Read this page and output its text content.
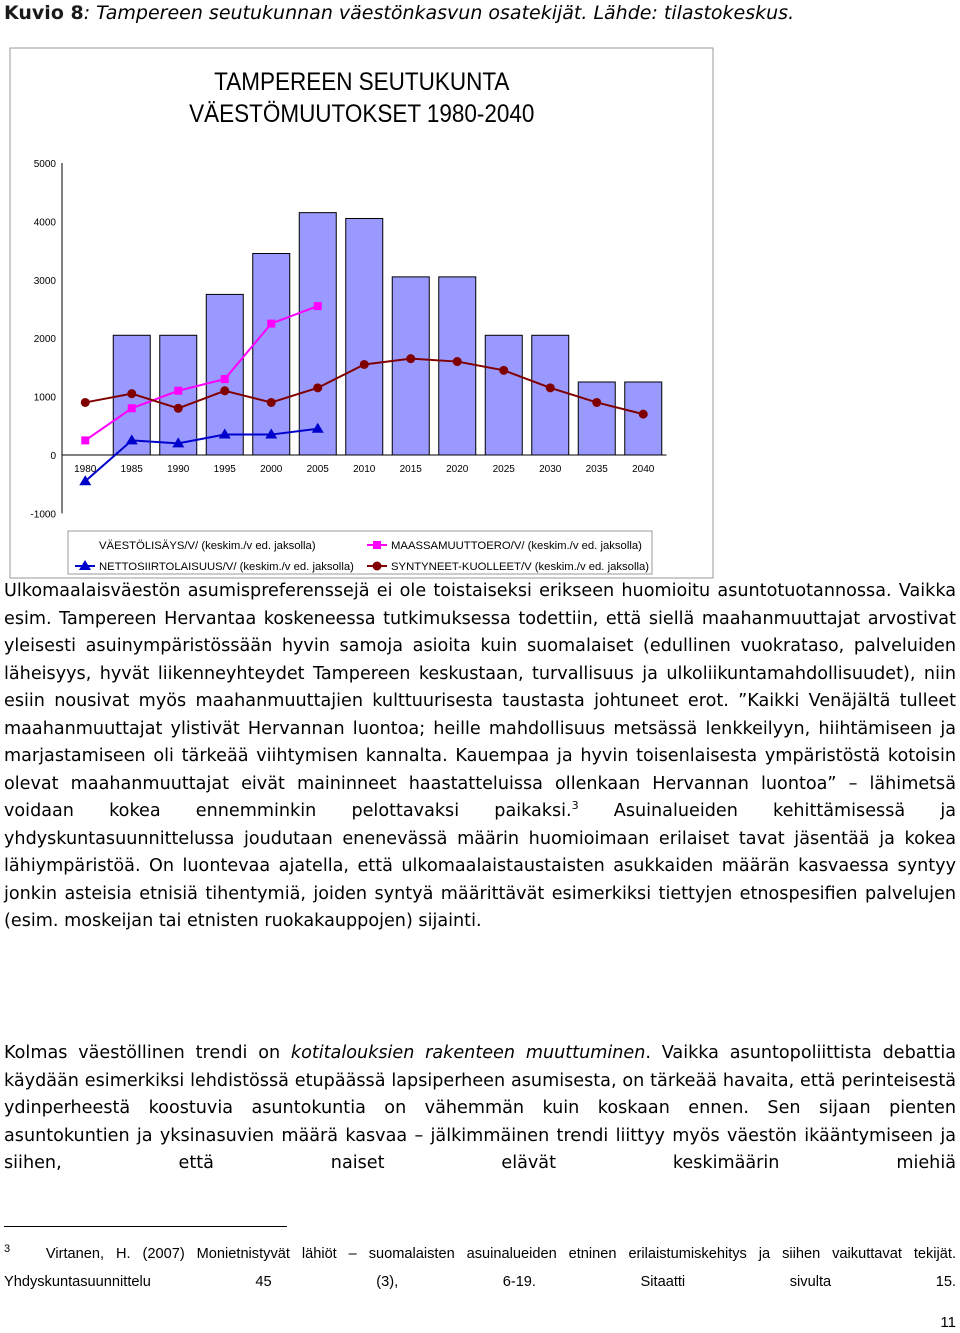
Kuvio 8: Tampereen seutukunnan väestönkasvun osatekijät. Lähde: tilastokeskus.
TAMPEREEN SEUTUKUNTA
VÄESTÖMUUTOKSET 1980-2040
-1000
0
1000
2000
3000
4000
5000
1980 1985 1990 1995 2000 2005 2010 2015 2020 2025 2030 2035 2040
VÄESTÖLISÄYS/V/ (keskim./v ed. jaksolla)	MAASSAMUUTTOERO/V/ (keskim./v ed. jaksolla)
NETTOSIIRTOLAISUUS/V/ (keskim./v ed. jaksolla)	SYNTYNEET-KUOLLEET/V (keskim./v ed. jaksolla)

Ulkomaalaisväestön asumispreferenssejä ei ole toistaiseksi erikseen huomioitu asuntotuotannossa. Vaikka esim. Tampereen Hervantaa koskeneessa tutkimuksessa todettiin, että siellä maahanmuuttajat arvostivat yleisesti asuinympäristössään hyvin samoja asioita kuin suomalaiset (edullinen vuokrataso, palveluiden läheisyys, hyvät liikenneyhteydet Tampereen keskustaan, turvallisuus ja ulkoliikuntamahdollisuudet), niin esiin nousivat myös maahanmuuttajien kulttuurisesta taustasta johtuneet erot. ”Kaikki Venäjältä tulleet maahanmuuttajat ylistivät Hervannan luontoa; heille mahdollisuus metsässä lenkkeilyyn, hiihtämiseen ja marjastamiseen oli tärkeää viihtymisen kannalta. Kauempaa ja hyvin toisenlaisesta ympäristöstä kotoisin olevat maahanmuuttajat eivät maininneet haastatteluissa ollenkaan Hervannan luontoa” – lähimetsä voidaan kokea ennemminkin pelottavaksi paikaksi.$^3$ Asuinalueiden kehittämisessä ja yhdyskuntasuunnittelussa joudutaan enenevässä määrin huomioimaan erilaiset tavat jäsentää ja kokea lähiympäristöä. On luontevaa ajatella, että ulkomaalaistaustaisten asukkaiden määrän kasvaessa syntyy jonkin asteisia etnisiä tihentymiä, joiden syntyä määrittävät esimerkiksi tiettyjen etnospesifien palvelujen (esim. moskeijan tai etnisten ruokakauppojen) sijainti.

Kolmas väestöllinen trendi on kotitalouksien rakenteen muuttuminen. Vaikka asuntopoliittista debattia käydään esimerkiksi lehdistössä etupäässä lapsiperheen asumisesta, on tärkeää havaita, että perinteisestä ydinperheestä koostuvia asuntokuntia on vähemmän kuin koskaan ennen. Sen sijaan pienten asuntokuntien ja yksinasuvien määrä kasvaa – jälkimmäinen trendi liittyy myös väestön ikääntymiseen ja siihen, että naiset elävät keskimäärin miehiä

$^3$ Virtanen, H. (2007) Monietnistyvät lähiöt – suomalaisten asuinalueiden etninen erilaistumiskehitys ja siihen vaikuttavat tekijät. Yhdyskuntasuunnittelu 45 (3), 6-19. Sitaatti sivulta 15.

11
